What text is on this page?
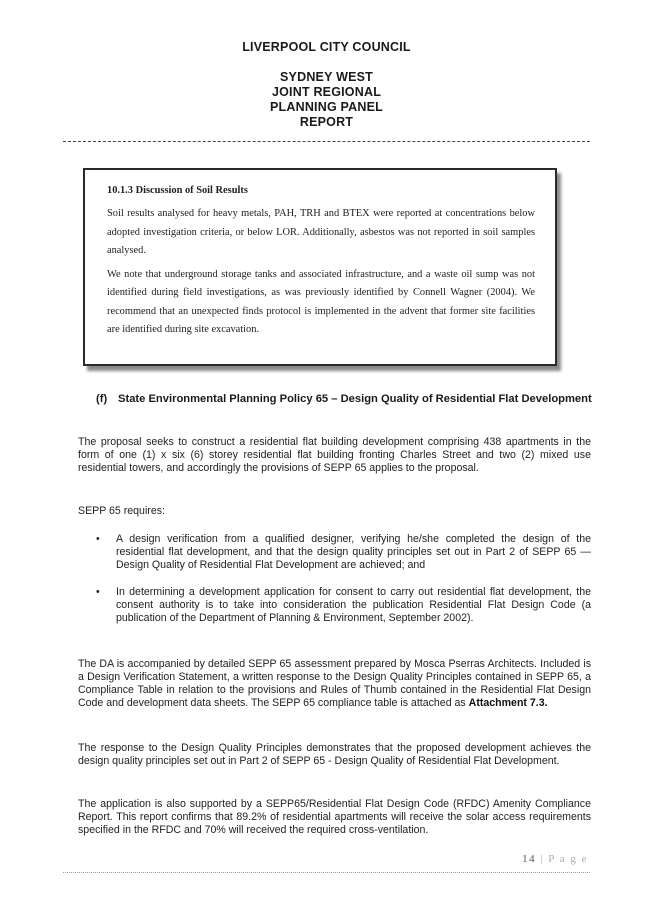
LIVERPOOL CITY COUNCIL
SYDNEY WEST
JOINT REGIONAL
PLANNING PANEL
REPORT
10.1.3 Discussion of Soil Results

Soil results analysed for heavy metals, PAH, TRH and BTEX were reported at concentrations below adopted investigation criteria, or below LOR. Additionally, asbestos was not reported in soil samples analysed.

We note that underground storage tanks and associated infrastructure, and a waste oil sump was not identified during field investigations, as was previously identified by Connell Wagner (2004). We recommend that an unexpected finds protocol is implemented in the advent that former site facilities are identified during site excavation.

(f) State Environmental Planning Policy 65 – Design Quality of Residential Flat Development
The proposal seeks to construct a residential flat building development comprising 438 apartments in the form of one (1) x six (6) storey residential flat building fronting Charles Street and two (2) mixed use residential towers, and accordingly the provisions of SEPP 65 applies to the proposal.
SEPP 65 requires:
• A design verification from a qualified designer, verifying he/she completed the design of the residential flat development, and that the design quality principles set out in Part 2 of SEPP 65 — Design Quality of Residential Flat Development are achieved; and
• In determining a development application for consent to carry out residential flat development, the consent authority is to take into consideration the publication Residential Flat Design Code (a publication of the Department of Planning & Environment, September 2002).
The DA is accompanied by detailed SEPP 65 assessment prepared by Mosca Pserras Architects. Included is a Design Verification Statement, a written response to the Design Quality Principles contained in SEPP 65, a Compliance Table in relation to the provisions and Rules of Thumb contained in the Residential Flat Design Code and development data sheets. The SEPP 65 compliance table is attached as Attachment 7.3.
The response to the Design Quality Principles demonstrates that the proposed development achieves the design quality principles set out in Part 2 of SEPP 65 - Design Quality of Residential Flat Development.
The application is also supported by a SEPP65/Residential Flat Design Code (RFDC) Amenity Compliance Report. This report confirms that 89.2% of residential apartments will receive the solar access requirements specified in the RFDC and 70% will received the required cross-ventilation.
14 | P a g e
